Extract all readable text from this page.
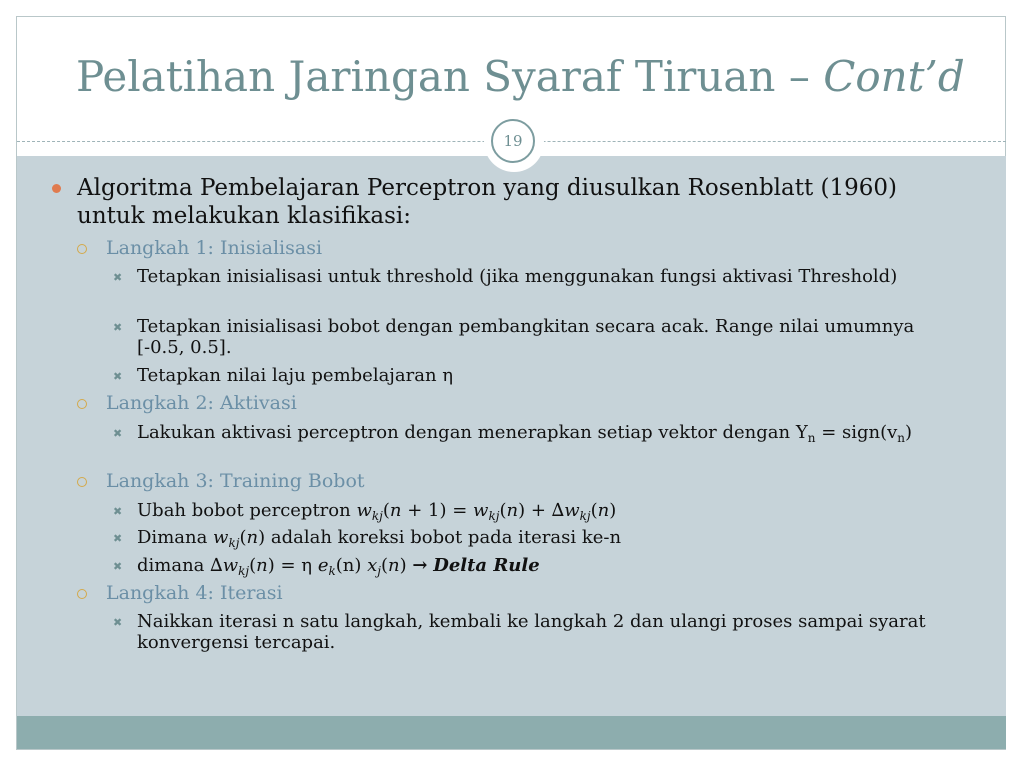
Pelatihan Jaringan Syaraf Tiruan – Cont’d
19
Algoritma Pembelajaran Perceptron yang diusulkan Rosenblatt (1960) untuk melakukan klasifikasi:
Langkah 1: Inisialisasi
✖ Tetapkan inisialisasi untuk threshold (jika menggunakan fungsi aktivasi Threshold)
✖ Tetapkan inisialisasi bobot dengan pembangkitan secara acak. Range nilai umumnya [-0.5, 0.5].
✖ Tetapkan nilai laju pembelajaran η
Langkah 2: Aktivasi
✖ Lakukan aktivasi perceptron dengan menerapkan setiap vektor dengan $Y_n$ = $sign(v_n)$
Langkah 3: Training Bobot
✖ Ubah bobot perceptron $w_{kj}(n + 1) = w_{kj}(n) + \Delta w_{kj}(n)$
✖ Dimana $w_{kj}(n)$ adalah koreksi bobot pada iterasi ke-n
✖ dimana $\Delta w_{kj}(n) = \eta$ $e_k(n) x_j(n)$ → Delta Rule
Langkah 4: Iterasi
✖ Naikkan iterasi n satu langkah, kembali ke langkah 2 dan ulangi proses sampai syarat konvergensi tercapai.
